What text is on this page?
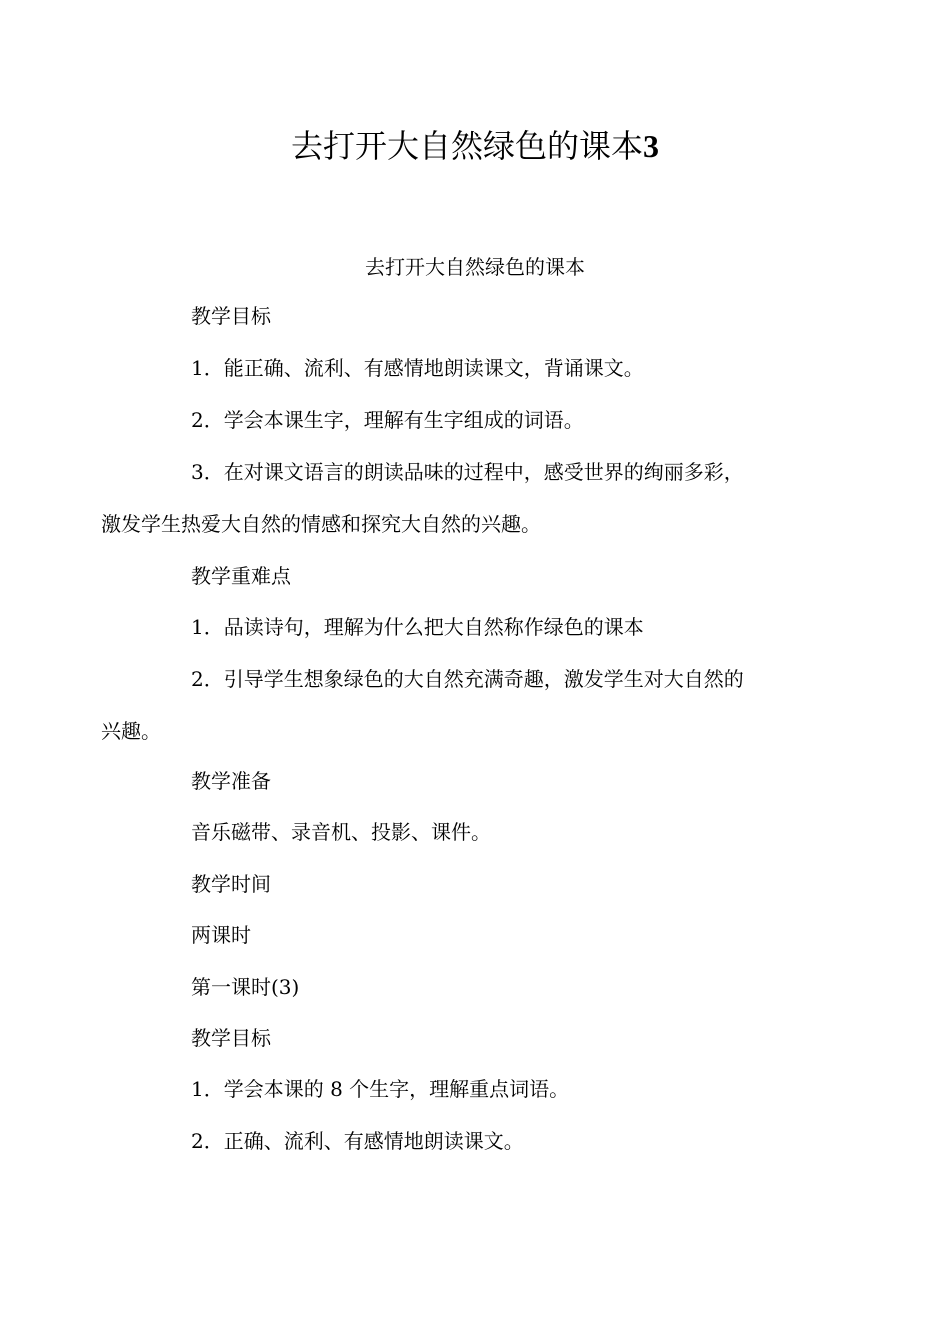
去打开大自然绿色的课本3
去打开大自然绿色的课本
教学目标
1．能正确、流利、有感情地朗读课文，背诵课文。
2．学会本课生字，理解有生字组成的词语。
3．在对课文语言的朗读品味的过程中，感受世界的绚丽多彩，
激发学生热爱大自然的情感和探究大自然的兴趣。
教学重难点
1．品读诗句，理解为什么把大自然称作绿色的课本
2．引导学生想象绿色的大自然充满奇趣，激发学生对大自然的
兴趣。
教学准备
音乐磁带、录音机、投影、课件。
教学时间
两课时
第一课时(3)
教学目标
1．学会本课的 8 个生字，理解重点词语。
2．正确、流利、有感情地朗读课文。
